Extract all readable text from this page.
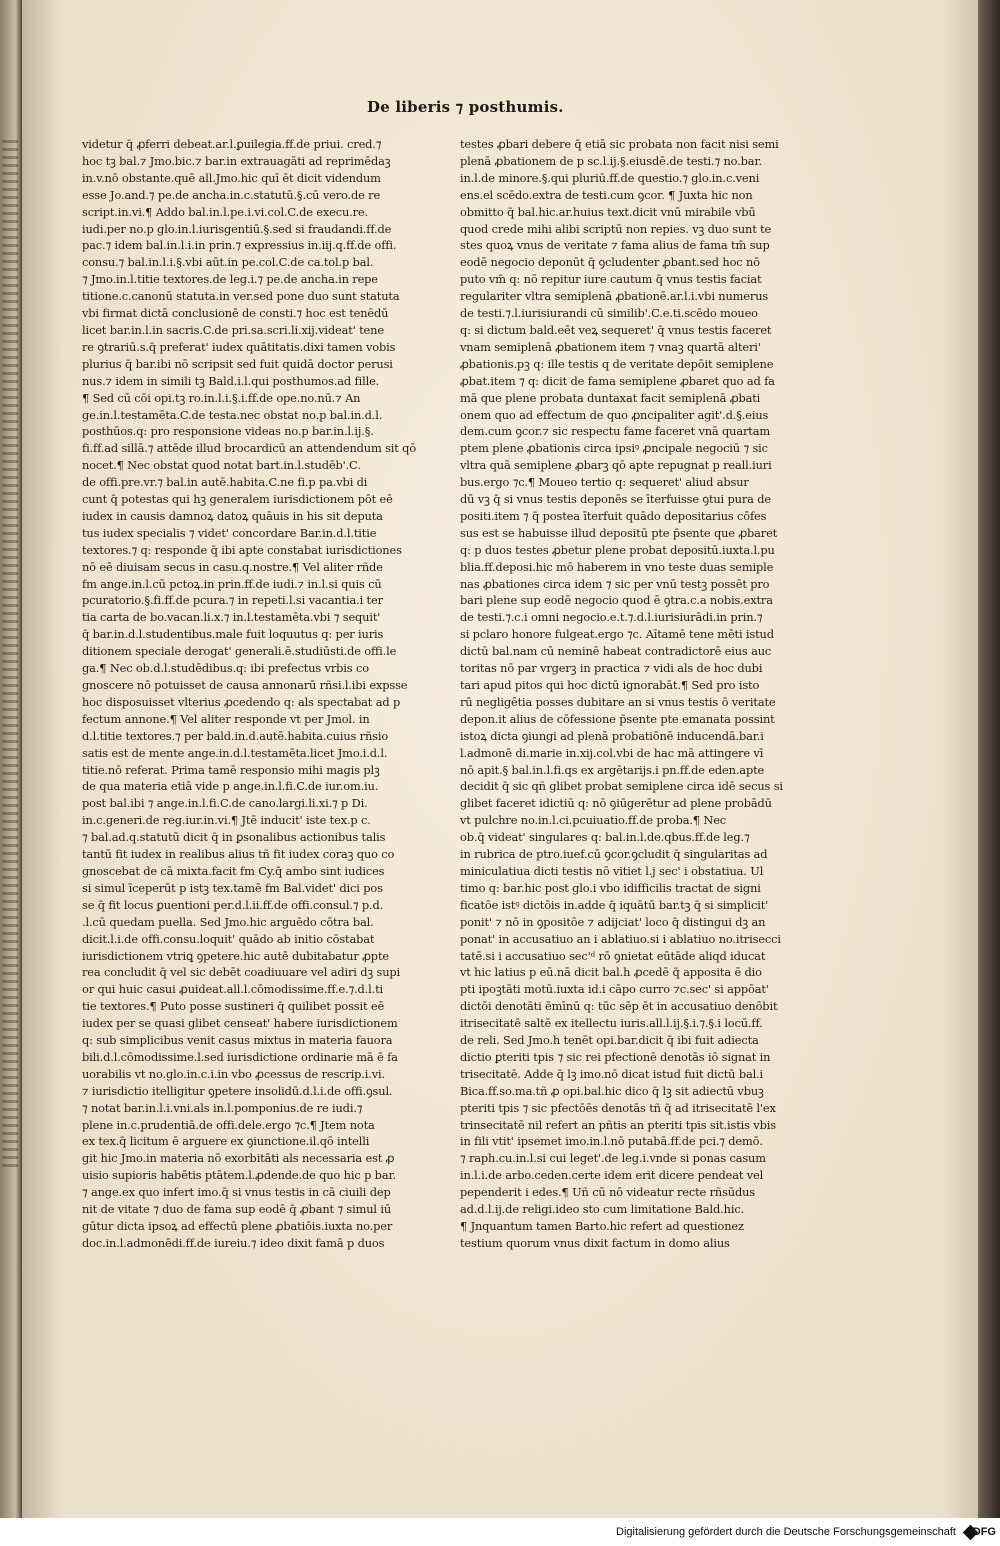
De liberis ⁊ posthumis.
videtur q̄ ꝓferri debeat.ar.l.ꝑuilegia.ff.de priui. cred.⁊
hoc tꝫ bal.⁊ Jmo.bic.⁊ bar.in extrauagāti ad reprimēdaꝫ
in.v.nō obstante.quē all.Jmo.hic quī ēt dicit videndum
esse Jo.and.⁊ pe.de ancha.in.c.statutū.§.cū vero.de re
script.in.vi.¶ Addo bal.in.l.pe.i.vi.col.C.de execu.re.
iudi.per no.p glo.in.l.iurisgentiū.§.sed si fraudandi.ff.de
pac.⁊ idem bal.in.l.i.in prin.⁊ expressius in.iij.q.ff.de offi.
consu.⁊ bal.in.l.i.§.vbi aūt.in pe.col.C.de ca.tol.p bal.
⁊ Jmo.in.l.titie textores.de leg.i.⁊ pe.de ancha.in repe
titione.c.canonū statuta.in ver.sed pone duo sunt statuta
vbi firmat dictā conclusionē de consti.⁊ hoc est tenēdū
licet bar.in.l.in sacris.C.de pri.sa.scri.li.xij.videat' tene
re ꝯtrariū.s.q̄ preferat' iudex quātitatis.dixi tamen vobis
plurius q̄ bar.ibi nō scripsit sed fuit quidā doctor perusi
nus.⁊ idem in simili tꝫ Bald.i.l.qui posthumos.ad fille.
¶ Sed cū cōi opi.tꝫ ro.in.l.i.§.i.ff.de ope.no.nū.⁊ An
ge.in.l.testamēta.C.de testa.nec obstat no.p bal.in.d.l.
posthūos.q: pro responsione videas no.p bar.in.l.ij.§.
fi.ff.ad sillā.⁊ attēde illud brocardicū an attendendum sit qō
nocet.¶ Nec obstat quod notat bart.in.l.studēb'.C.
de offi.pre.vr.⁊ bal.in autē.habita.C.ne fi.p pa.vbi di
cunt q̄ potestas qui hꝫ generalem iurisdictionem pōt eē
iudex in causis damnoꝝ datoꝝ quāuis in his sit deputa
tus iudex specialis ⁊ videt' concordare Bar.in.d.l.titie
textores.⁊ q: responde q̄ ibi apte constabat iurisdictiones
nō eē diuisam secus in casu.q.nostre.¶ Vel aliter rñde
fm ange.in.l.cū pctoꝝ.in prin.ff.de iudi.⁊ in.l.si quis cū
pcuratorio.§.fi.ff.de pcura.⁊ in repeti.l.si vacantia.i ter
tia carta de bo.vacan.li.x.⁊ in.l.testamēta.vbi ⁊ sequit'
q̄ bar.in.d.l.studentibus.male fuit loquutus q: per iuris
ditionem speciale derogat' generali.ē.studiūsti.de offi.le
ga.¶ Nec ob.d.l.studēdibus.q: ibi prefectus vrbis co
gnoscere nō potuisset de causa annonarū rñsi.l.ibi expsse
hoc disposuisset vlterius ꝓcedendo q: als spectabat ad p
fectum annone.¶ Vel aliter responde vt per Jmol. in
d.l.titie textores.⁊ per bald.in.d.autē.habita.cuius rñsio
satis est de mente ange.in.d.l.testamēta.licet Jmo.i.d.l.
titie.nō referat. Prima tamē responsio mihi magis plꝫ
de qua materia etiā vide p ange.in.l.fi.C.de iur.om.iu.
post bal.ibi ⁊ ange.in.l.fi.C.de cano.largi.li.xi.⁊ p Di.
in.c.generi.de reg.iur.in.vi.¶ Jtē inducit' iste tex.p c.
⁊ bal.ad.q.statutū dicit q̄ in ꝑsonalibus actionibus talis
tantū fit iudex in realibus alius tñ fit iudex coraꝫ quo co
gnoscebat de cā mixta.facit fm Cy.q̄ ambo sint iudices
si simul īceperūt p istꝫ tex.tamē fm Bal.videt' dici pos
se q̄ fit locus ꝑuentioni per.d.l.ii.ff.de offi.consul.⁊ p.d.
.l.cū quedam puella. Sed Jmo.hic arguēdo cōtra bal.
dicit.l.i.de offi.consu.loquit' quādo ab initio cōstabat
iurisdictionem vtriꝗ ꝯpetere.hic autē dubitabatur ꝓpte
rea concludit q̄ vel sic debēt coadiuuare vel adiri dꝫ supi
or qui huic casui ꝓuideat.all.l.cōmodissime.ff.e.⁊.d.l.ti
tie textores.¶ Puto posse sustineri q̄ quilibet possit eē
iudex per se quasi glibet censeat' habere iurisdictionem
q: sub simplicibus venit casus mixtus in materia fauora
bili.d.l.cōmodissime.l.sed iurisdictione ordinarie mā ē fa
uorabilis vt no.glo.in.c.i.in vbo ꝓcessus de rescrip.i.vi.
⁊ iurisdictio itelligitur ꝯpetere insolidū.d.l.i.de offi.ꝯsul.
⁊ notat bar.in.l.i.vni.als in.l.pomponius.de re iudi.⁊
plene in.c.prudentiā.de offi.dele.ergo ⁊c.¶ Jtem nota
ex tex.q̄ licitum ē arguere ex ꝯiunctione.il.qō intelli
git hic Jmo.in materia nō exorbitāti als necessaria est ꝓ
uisio supioris habētis ptātem.l.ꝓdende.de quo hic p bar.
⁊ ange.ex quo infert imo.q̄ si vnus testis in cā ciuili dep
nit de vitate ⁊ duo de fama sup eodē q̄ ꝓbant ⁊ simul iū
gūtur dicta ipsoꝝ ad effectū plene ꝓbatiōis.iuxta no.per
doc.in.l.admonēdi.ff.de iureiu.⁊ ideo dixit famā p duos
testes ꝓbari debere q̄ etiā sic probata non facit nisi semi
plenā ꝓbationem de p sc.l.ij.§.eiusdē.de testi.⁊ no.bar.
in.l.de minore.§.qui pluriū.ff.de questio.⁊ glo.in.c.veni
ens.el scēdo.extra de testi.cum ꝯcor. ¶ Juxta hic non
obmitto q̄ bal.hic.ar.huius text.dicit vnū mirabile vbū
quod crede mihi alibi scriptū non repies. vꝫ duo sunt te
stes quoꝝ vnus de veritate ⁊ fama alius de fama tm̄ sup
eodē negocio deponūt q̄ ꝯcludenter ꝓbant.sed hoc nō
puto vm̄ q: nō repitur iure cautum q̄ vnus testis faciat
regulariter vltra semiplenā ꝓbationē.ar.l.i.vbi numerus
de testi.⁊.l.iurisiurandi cū similib'.C.e.ti.scēdo moueo
q: si dictum bald.eēt veꝝ sequeret' q̄ vnus testis faceret
vnam semiplenā ꝓbationem item ⁊ vnaꝫ quartā alteri'
ꝓbationis.pꝫ q: ille testis q de veritate depōit semiplene
ꝓbat.item ⁊ q: dicit de fama semiplene ꝓbaret quo ad fa
mā que plene probata duntaxat facit semiplenā ꝓbati
onem quo ad effectum de quo ꝓncipaliter agit'.d.§.eius
dem.cum ꝯcor.⁊ sic respectu fame faceret vnā quartam
ptem plene ꝓbationis circa ipsiꝰ ꝓncipale negociū ⁊ sic
vltra quā semiplene ꝓbarꝫ qō apte repugnat p reall.iuri
bus.ergo ⁊c.¶ Moueo tertio q: sequeret' aliud absur
dū vꝫ q̄ si vnus testis deponēs se īterfuisse ꝯtui pura de
positi.item ⁊ q̄ postea īterfuit quādo depositarius cōfes
sus est se habuisse illud depositū pte p̄sente que ꝓbaret
q: p duos testes ꝓbetur plene probat depositū.iuxta.l.pu
blia.ff.deposi.hic mō haberem in vno teste duas semiple
nas ꝓbationes circa idem ⁊ sic per vnū testꝫ possēt pro
bari plene sup eodē negocio quod ē ꝯtra.c.a nobis.extra
de testi.⁊.c.i omni negocio.e.t.⁊.d.l.iurisiurādi.in prin.⁊
si pclaro honore fulgeat.ergo ⁊c. Aītamē tene mēti istud
dictū bal.nam cū neminē habeat contradictorē eius auc
toritas nō par vrgerꝫ in practica ⁊ vidi als de hoc dubi
tari apud pitos qui hoc dictū ignorabāt.¶ Sed pro isto
rū negligētia posses dubitare an si vnus testis ō veritate
depon.it alius de cōfessione p̄sente pte emanata possint
istoꝝ dicta ꝯiungi ad plenā probatiōnē inducendā.bar.i
l.admonē di.marie in.xij.col.vbi de hac mā attingere vī
nō apit.§ bal.in.l.fi.qs ex argētarijs.i pn.ff.de eden.apte
decidit q̄ sic qñ glibet probat semiplene circa idē secus si
glibet faceret idictiū q: nō ꝯiūgerētur ad plene probādū
vt pulchre no.in.l.ci.pcuiuatio.ff.de proba.¶ Nec
ob.q̄ videat' singulares q: bal.in.l.de.qbus.ff.de leg.⁊
in rubrica de ptro.iuef.cū ꝯcor.ꝯcludit q̄ singularitas ad
miniculatiua dicti testis nō vitiet l.j sec' i obstatiua. Ul
timo q: bar.hic post glo.i vbo idifficilis tractat de signi
ficatōe istꝰ dictōis in.adde q̄ iquātū bar.tꝫ q̄ si simplicit'
ponit' ⁊ nō in ꝯpositōe ⁊ adijciat' loco q̄ distingui dꝫ an
ponat' in accusatiuo an i ablatiuo.si i ablatiuo no.itrisecci
tatē.si i accusatiuo sec'ᵈ rō ꝯnietat eūtāde aliqd iducat
vt hic latius p eū.nā dicit bal.h ꝓcedē q̄ apposita ē dio
pti ipoꝫtāti motū.iuxta id.i cāpo curro ⁊c.sec' si appōat'
dictōi denotāti ēmīnū q: tūc sēp ēt in accusatiuo denōbit
itrisecitatē saltē ex itellectu iuris.all.l.ij.§.i.⁊.§.i locū.ff.
de reli. Sed Jmo.h tenēt opi.bar.dicit q̄ ibi fuit adiecta
dictio ꝑteriti tpis ⁊ sic rei pfectionē denotās iō signat in
trisecitatē. Adde q̄ lꝫ imo.nō dicat istud fuit dictū bal.i
Bica.ff.so.ma.tñ ꝓ opi.bal.hic dico q̄ lꝫ sit adiectū vbuꝫ
pteriti tpis ⁊ sic pfectōēs denotās tñ q̄ ad itrisecitatē l'ex
trinsecitatē nil refert an pñtis an pteriti tpis sit.istis vbis
in fili vtit' ipsemet imo.in.l.nō putabā.ff.de pci.⁊ demō.
⁊ raph.cu.in.l.si cui leget'.de leg.i.vnde si ponas casum
in.l.i.de arbo.ceden.certe idem erit dicere pendeat vel
pependerit i edes.¶ Uñ cū nō videatur recte rñsūdus
ad.d.l.ij.de religi.ideo sto cum limitatione Bald.hic.
¶ Jnquantum tamen Barto.hic refert ad questionez
testium quorum vnus dixit factum in domo alius
Digitalisierung gefördert durch die Deutsche Forschungsgemeinschaft DFG
